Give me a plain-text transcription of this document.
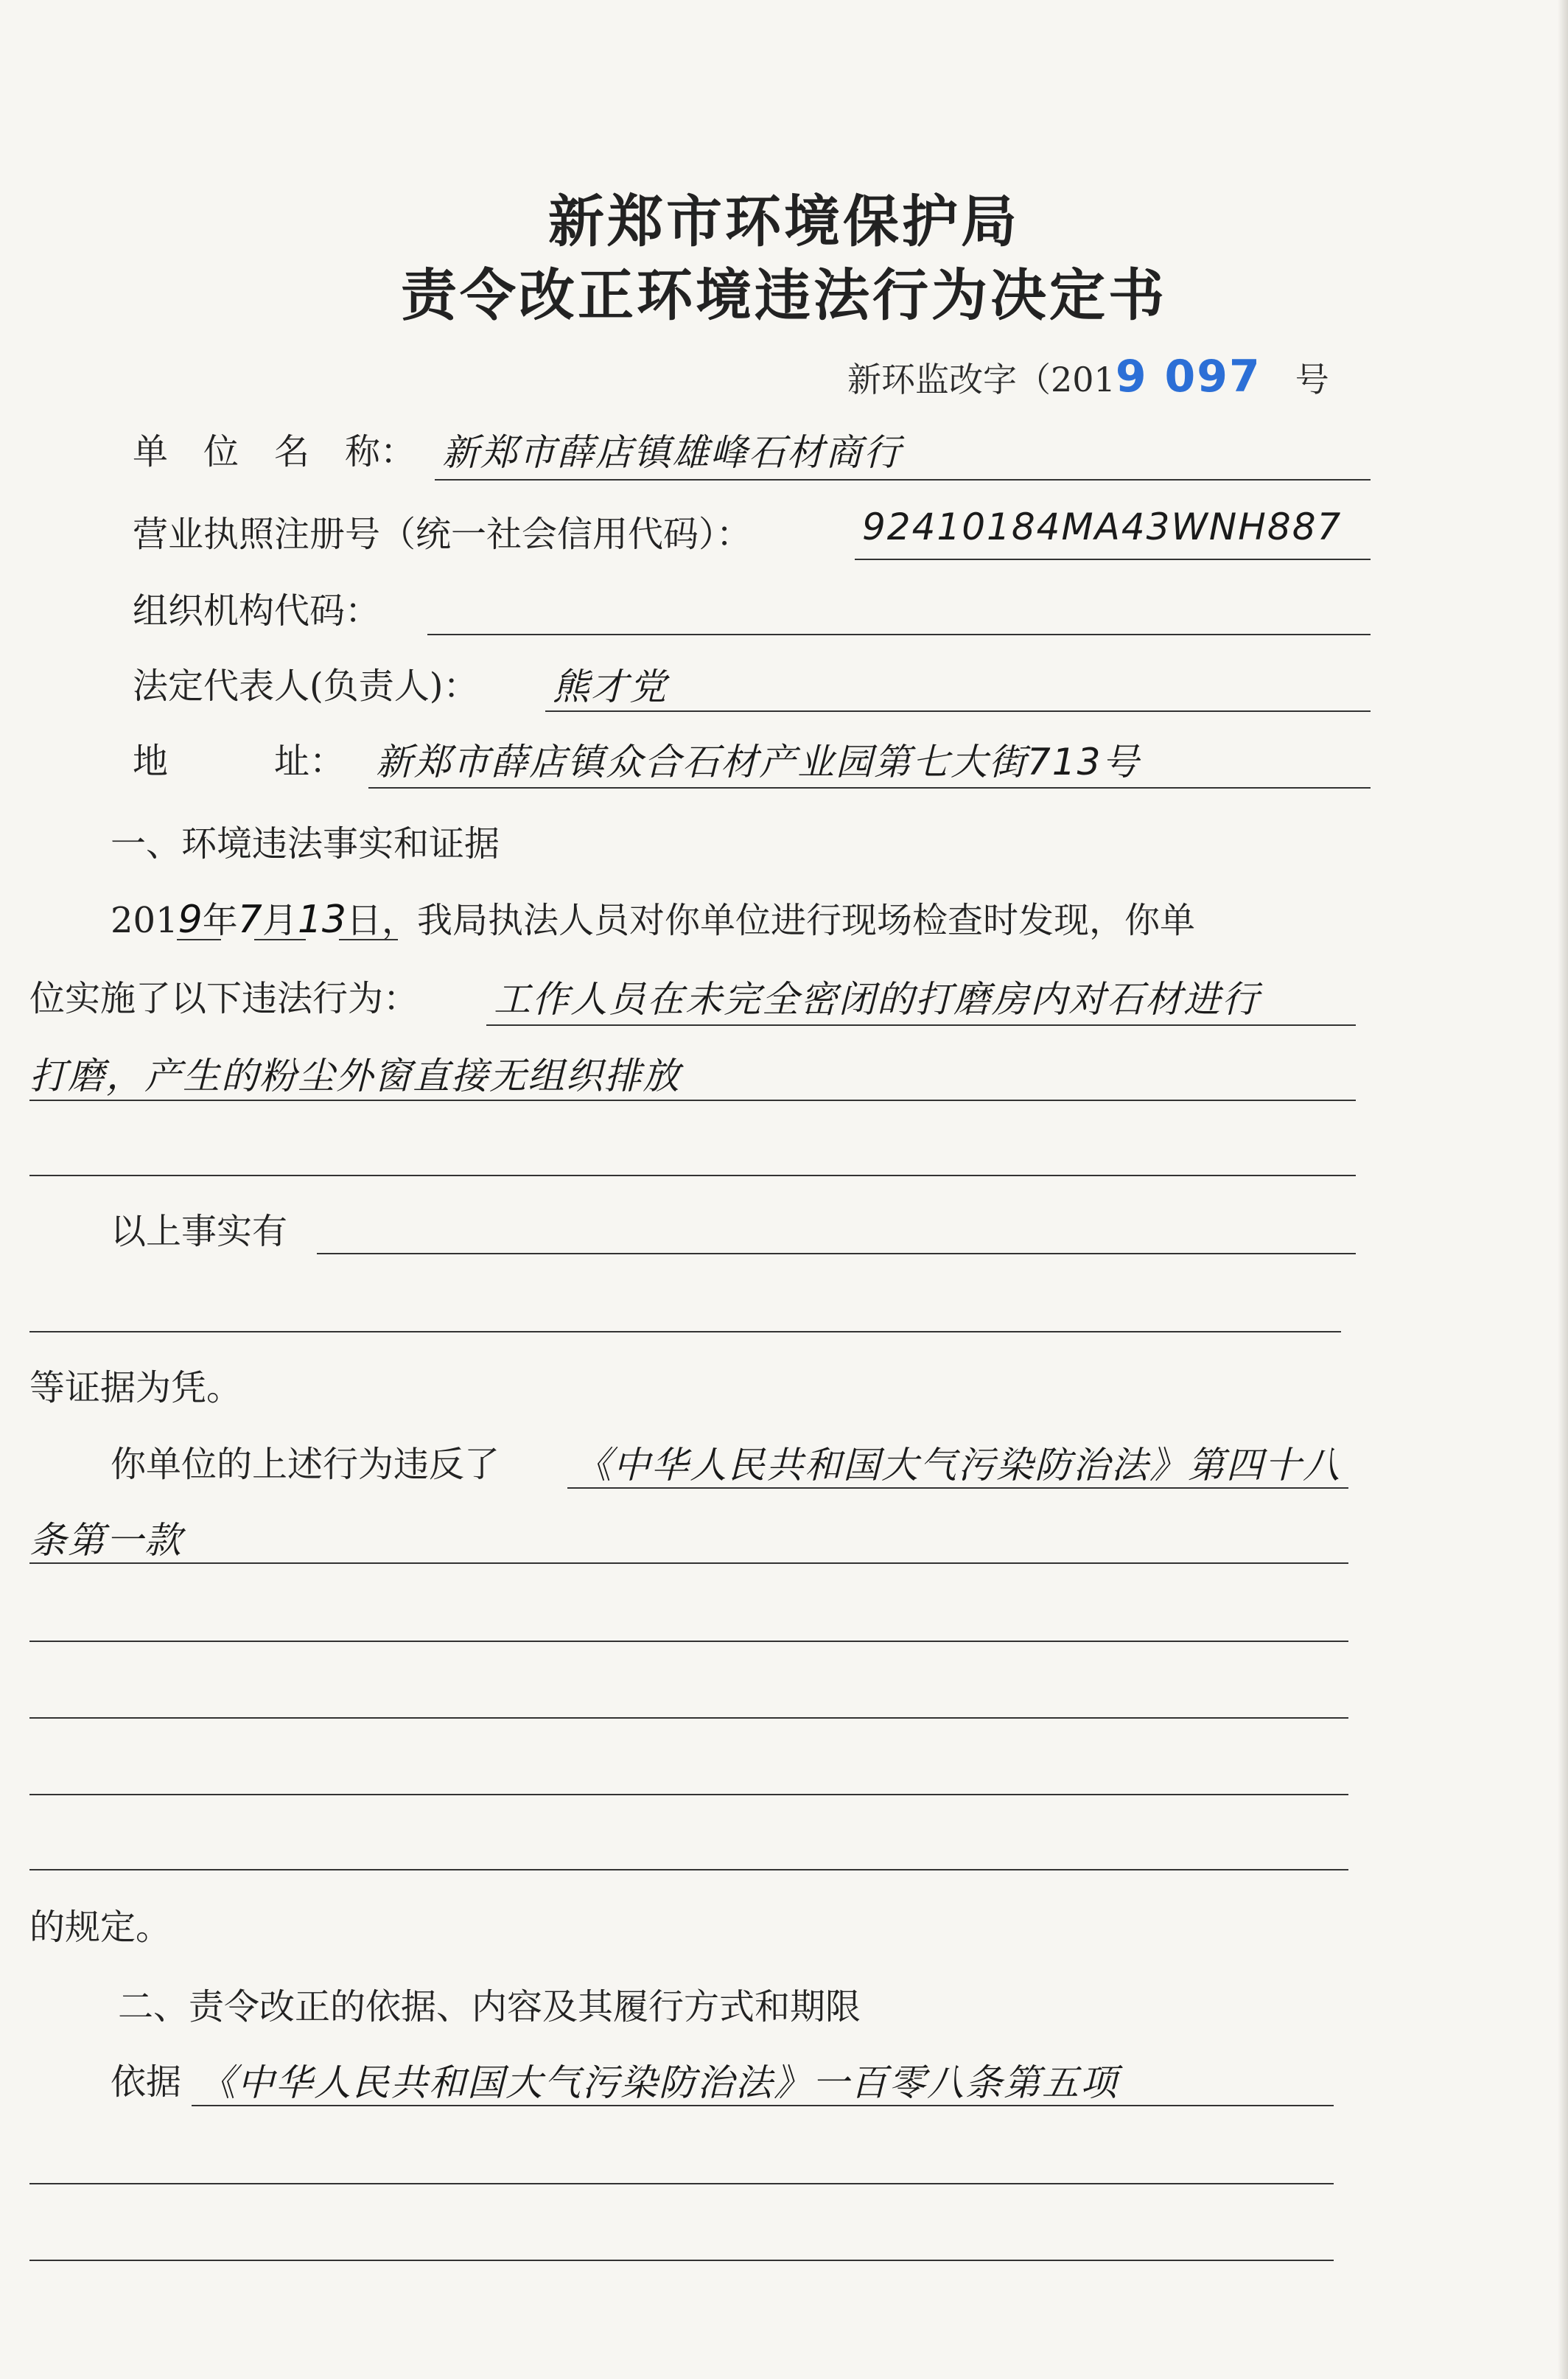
新郑市环境保护局
责令改正环境违法行为决定书
新环监改字（2019 097　 号
单　位　名　称： 新郑市薛店镇雄峰石材商行
营业执照注册号（统一社会信用代码）：	92410184MA43WNH887
组织机构代码：
法定代表人(负责人)： 熊才党
地　　　址： 新郑市薛店镇众合石材产业园第七大街713号
一、环境违法事实和证据
2019年7月13日，我局执法人员对你单位进行现场检查时发现，你单
位实施了以下违法行为： 工作人员在未完全密闭的打磨房内对石材进行
打磨，产生的粉尘外窗直接无组织排放
以上事实有
等证据为凭。
你单位的上述行为违反了 《中华人民共和国大气污染防治法》第四十八
条第一款
的规定。
二、责令改正的依据、内容及其履行方式和期限
依据 《中华人民共和国大气污染防治法》一百零八条第五项
